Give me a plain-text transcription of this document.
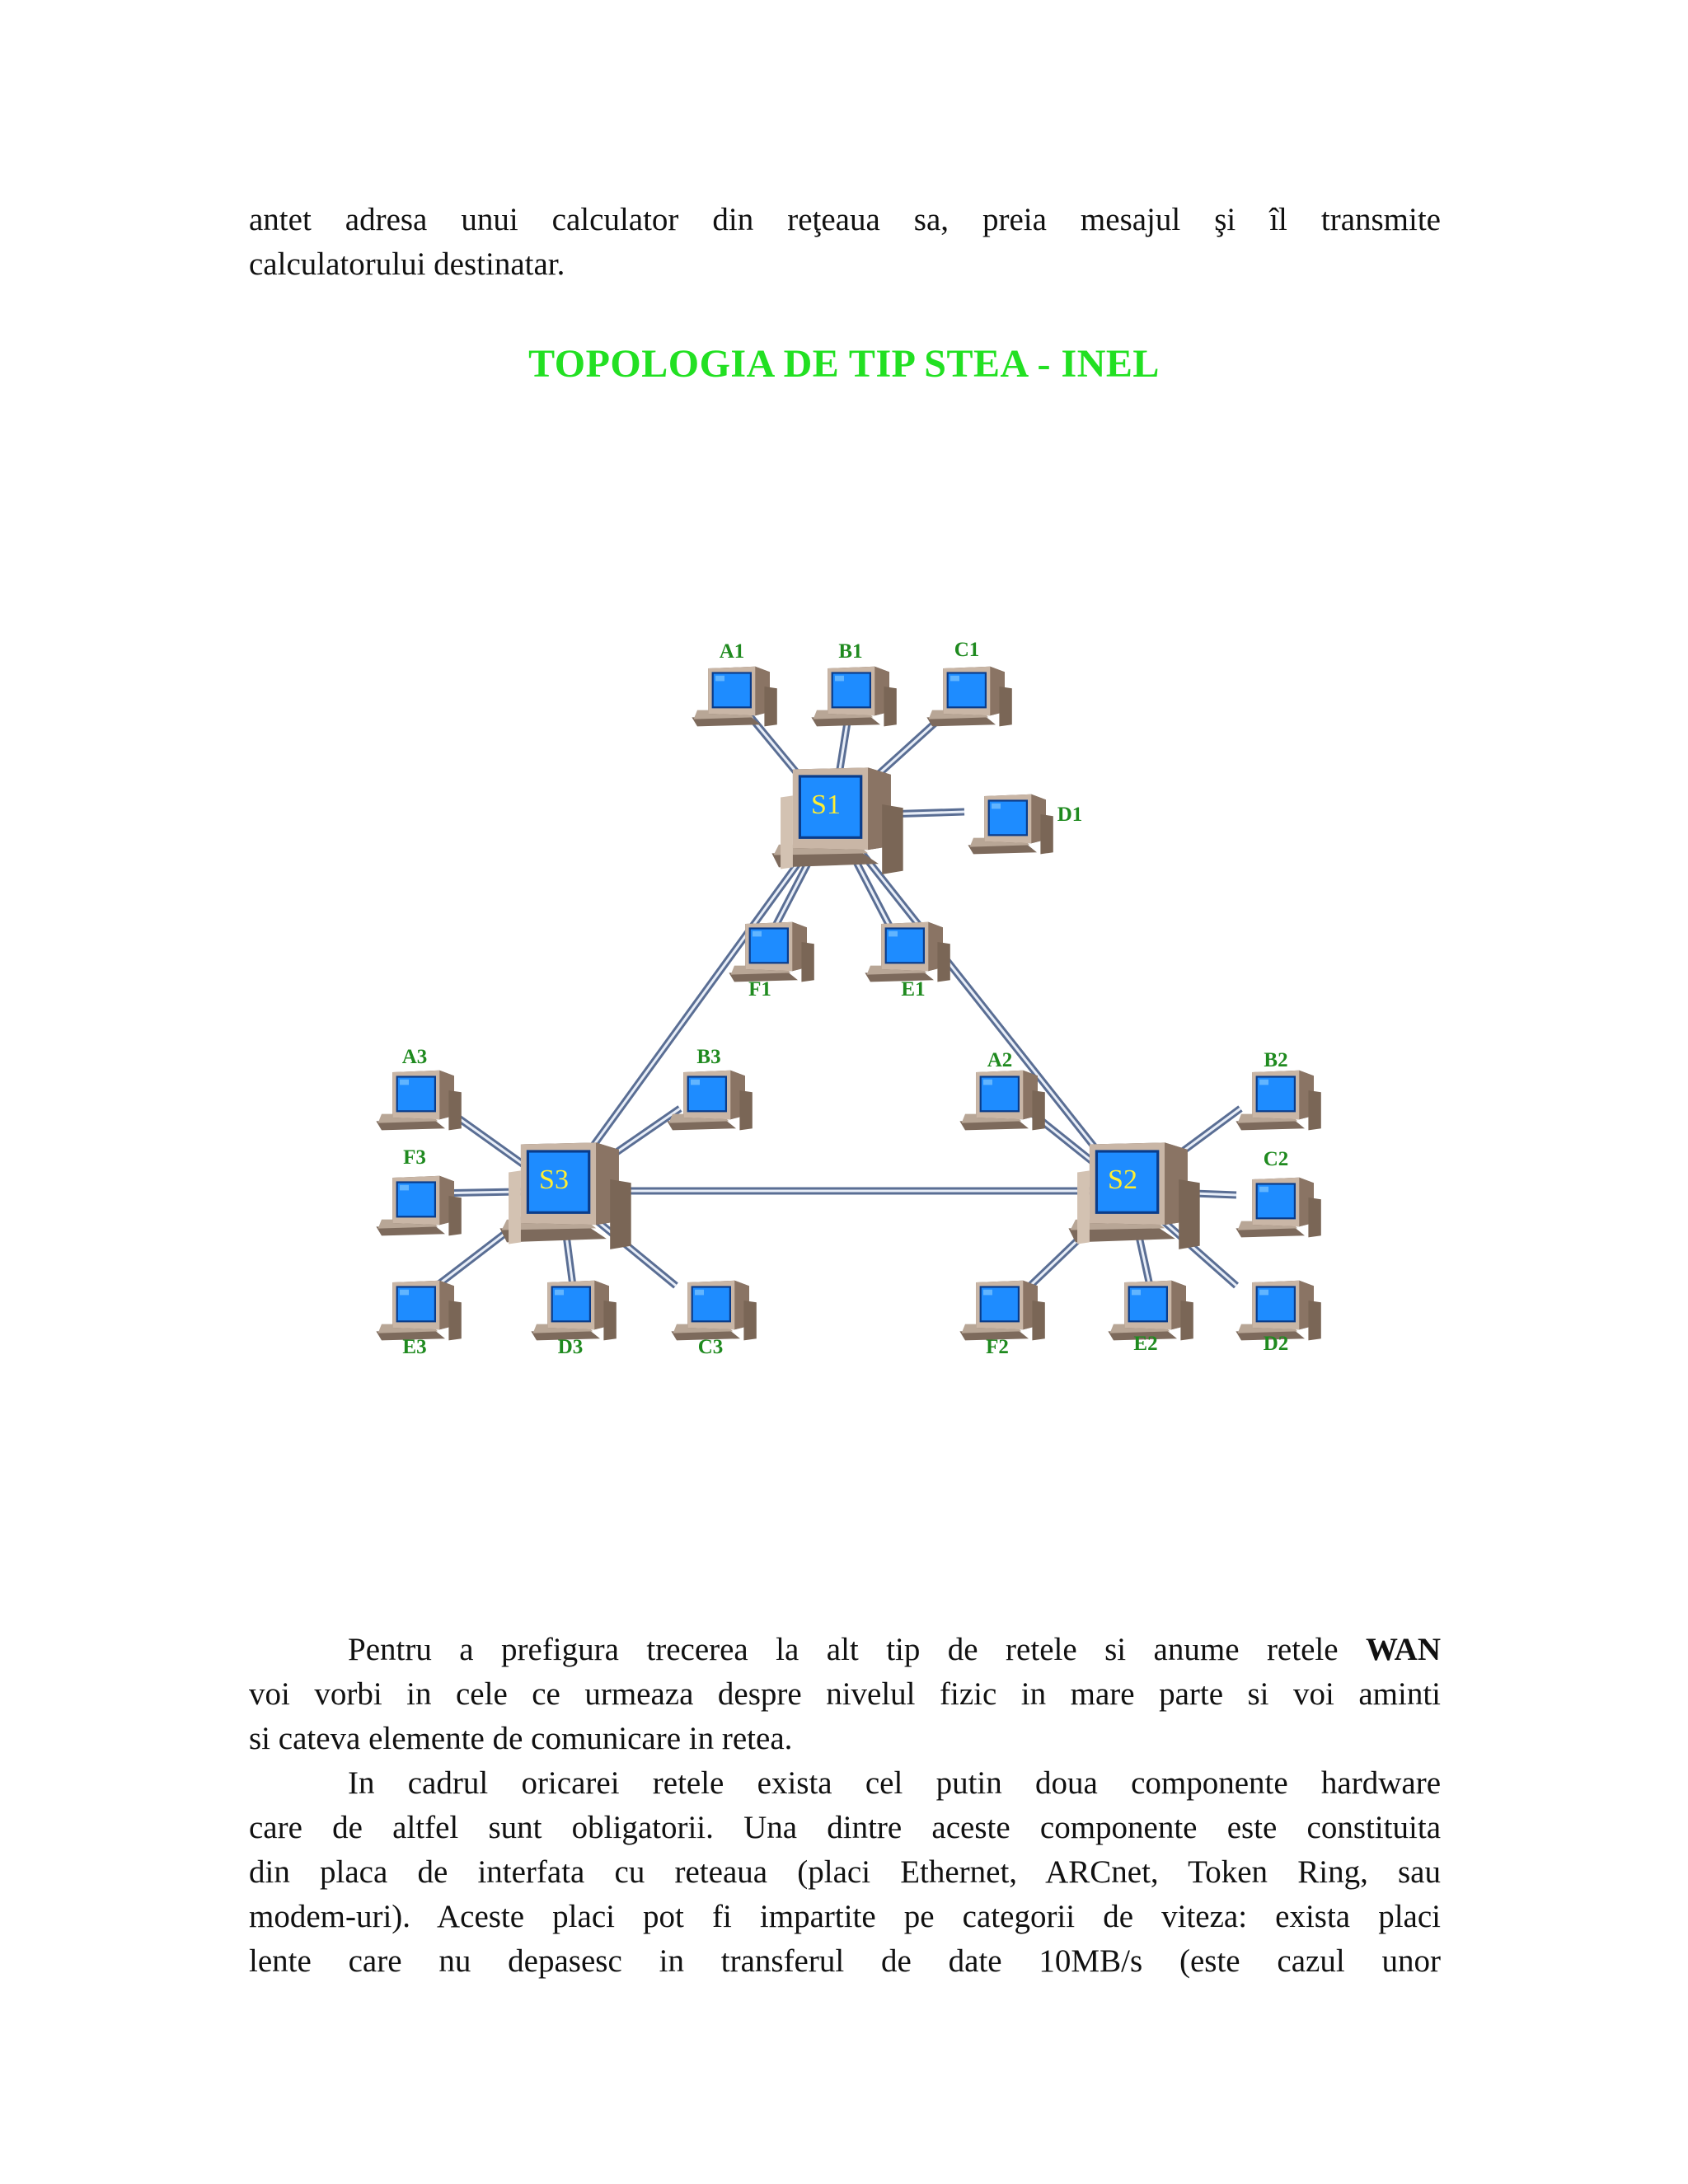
antet adresa unui calculator din reţeaua sa, preia mesajul şi îl transmite
calculatorului destinatar.
TOPOLOGIA DE TIP STEA - INEL
A1	B1	C1
D1
E1
F1
A2	B2
C2
D2
E2
F2
A3	B3
C3
D3
E3
F3
S1
S2
S3
Pentru a prefigura trecerea la alt tip de retele si anume retele WAN
voi vorbi in cele ce urmeaza despre nivelul fizic in mare parte si voi aminti
si cateva elemente de comunicare in retea.
In cadrul oricarei retele exista cel putin doua componente hardware
care de altfel sunt obligatorii. Una dintre aceste componente este constituita
din placa de interfata cu reteaua (placi Ethernet, ARCnet, Token Ring, sau
modem-uri). Aceste placi pot fi impartite pe categorii de viteza: exista placi
lente care nu depasesc in transferul de date 10MB/s (este cazul unor
